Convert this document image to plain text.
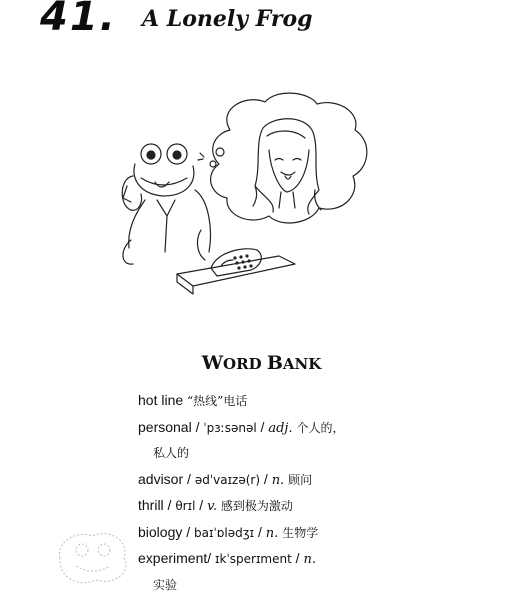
41. A Lonely Frog
WORD BANK
hot line “热线”电话
personal / ˈpɜːsənəl / adj. 个人的，
私人的
advisor / ədˈvaɪzə(r) / n. 顾问
thrill / θrɪl / v. 感到极为激动
biology / baɪˈɒlədʒɪ / n. 生物学
experiment/ ɪkˈsperɪment / n.
实验
